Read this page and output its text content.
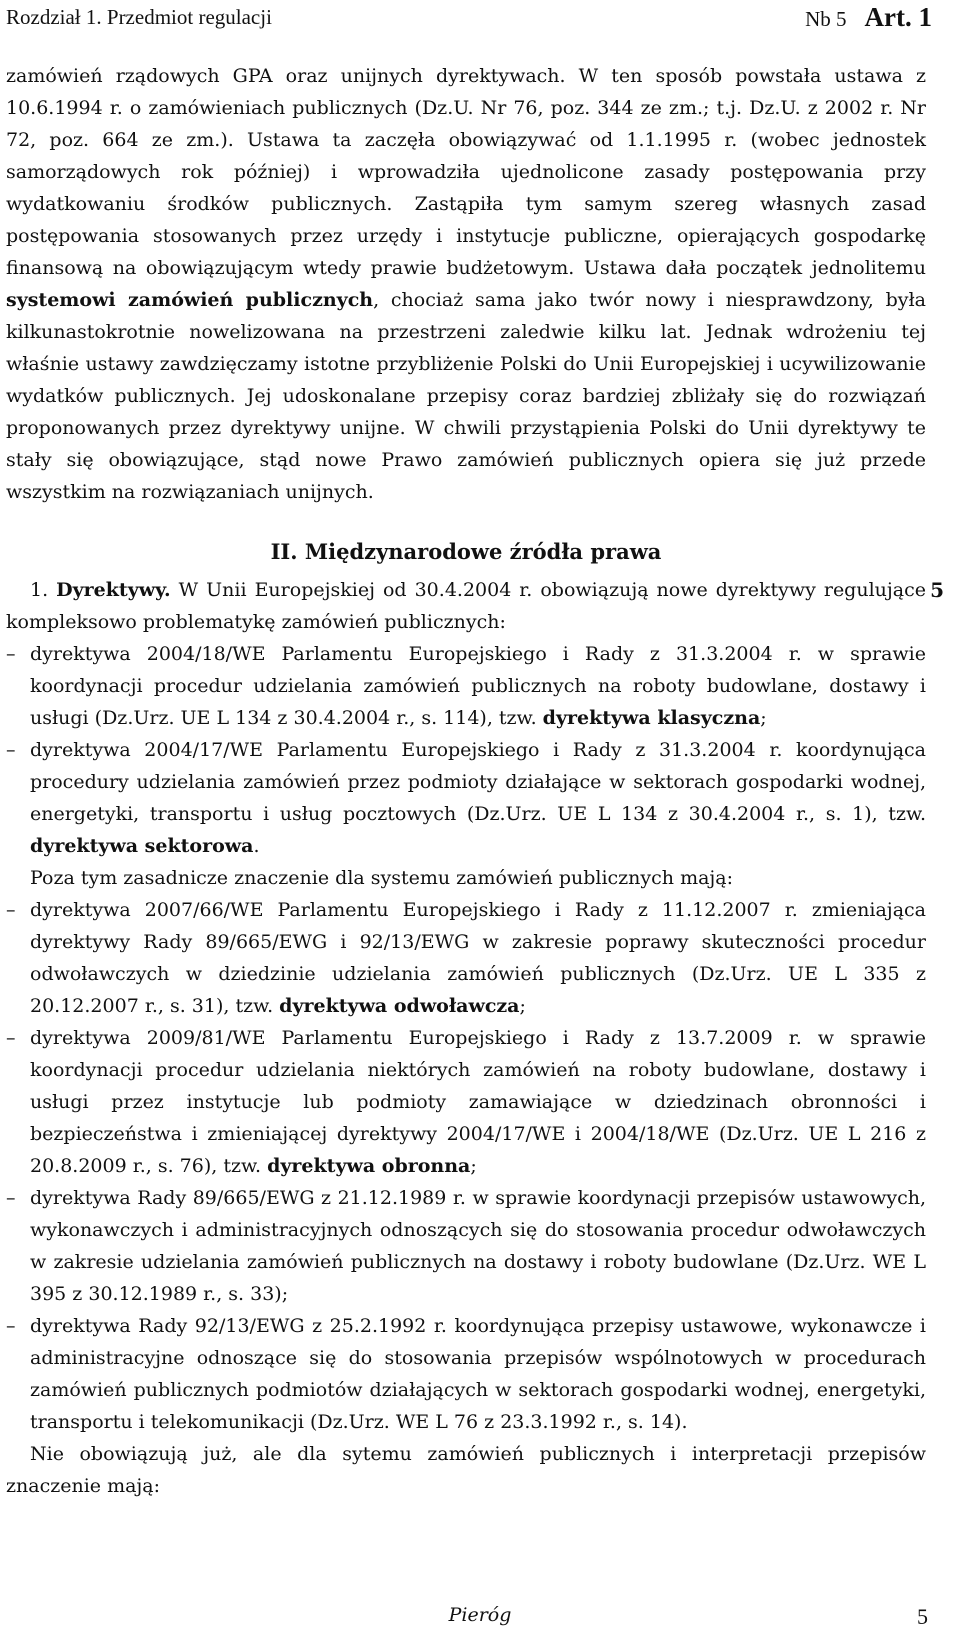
Rozdział 1. Przedmiot regulacji	Nb 5 Art. 1

zamówień rządowych GPA oraz unijnych dyrektywach. W ten sposób powstała ustawa z 10.6.1994 r. o zamówieniach publicznych (Dz.U. Nr 76, poz. 344 ze zm.; t.j. Dz.U. z 2002 r. Nr 72, poz. 664 ze zm.). Ustawa ta zaczęła obowiązywać od 1.1.1995 r. (wobec jednostek samorządowych rok później) i wprowadziła ujednolicone zasady postępowania przy wydatkowaniu środków publicznych. Zastąpiła tym samym szereg własnych zasad postępowania stosowanych przez urzędy i instytucje publiczne, opierających gospodarkę finansową na obowiązującym wtedy prawie budżetowym. Ustawa dała początek jednolitemu systemowi zamówień publicznych, chociaż sama jako twór nowy i niesprawdzony, była kilkunastokrotnie nowelizowana na przestrzeni zaledwie kilku lat. Jednak wdrożeniu tej właśnie ustawy zawdzięczamy istotne przybliżenie Polski do Unii Europejskiej i ucywilizowanie wydatków publicznych. Jej udoskonalane przepisy coraz bardziej zbliżały się do rozwiązań proponowanych przez dyrektywy unijne. W chwili przystąpienia Polski do Unii dyrektywy te stały się obowiązujące, stąd nowe Prawo zamówień publicznych opiera się już przede wszystkim na rozwiązaniach unijnych.

II. Międzynarodowe źródła prawa

5
1. Dyrektywy. W Unii Europejskiej od 30.4.2004 r. obowiązują nowe dyrektywy regulujące kompleksowo problematykę zamówień publicznych:

– dyrektywa 2004/18/WE Parlamentu Europejskiego i Rady z 31.3.2004 r. w sprawie koordynacji procedur udzielania zamówień publicznych na roboty budowlane, dostawy i usługi (Dz.Urz. UE L 134 z 30.4.2004 r., s. 114), tzw. dyrektywa klasyczna;
– dyrektywa 2004/17/WE Parlamentu Europejskiego i Rady z 31.3.2004 r. koordynująca procedury udzielania zamówień przez podmioty działające w sektorach gospodarki wodnej, energetyki, transportu i usług pocztowych (Dz.Urz. UE L 134 z 30.4.2004 r., s. 1), tzw. dyrektywa sektorowa.

Poza tym zasadnicze znaczenie dla systemu zamówień publicznych mają:

– dyrektywa 2007/66/WE Parlamentu Europejskiego i Rady z 11.12.2007 r. zmieniająca dyrektywy Rady 89/665/EWG i 92/13/EWG w zakresie poprawy skuteczności procedur odwoławczych w dziedzinie udzielania zamówień publicznych (Dz.Urz. UE L 335 z 20.12.2007 r., s. 31), tzw. dyrektywa odwoławcza;
– dyrektywa 2009/81/WE Parlamentu Europejskiego i Rady z 13.7.2009 r. w sprawie koordynacji procedur udzielania niektórych zamówień na roboty budowlane, dostawy i usługi przez instytucje lub podmioty zamawiające w dziedzinach obronności i bezpieczeństwa i zmieniającej dyrektywy 2004/17/WE i 2004/18/WE (Dz.Urz. UE L 216 z 20.8.2009 r., s. 76), tzw. dyrektywa obronna;
– dyrektywa Rady 89/665/EWG z 21.12.1989 r. w sprawie koordynacji przepisów ustawowych, wykonawczych i administracyjnych odnoszących się do stosowania procedur odwoławczych w zakresie udzielania zamówień publicznych na dostawy i roboty budowlane (Dz.Urz. WE L 395 z 30.12.1989 r., s. 33);
– dyrektywa Rady 92/13/EWG z 25.2.1992 r. koordynująca przepisy ustawowe, wykonawcze i administracyjne odnoszące się do stosowania przepisów wspólnotowych w procedurach zamówień publicznych podmiotów działających w sektorach gospodarki wodnej, energetyki, transportu i telekomunikacji (Dz.Urz. WE L 76 z 23.3.1992 r., s. 14).

Nie obowiązują już, ale dla sytemu zamówień publicznych i interpretacji przepisów znaczenie mają:

Pieróg	5
